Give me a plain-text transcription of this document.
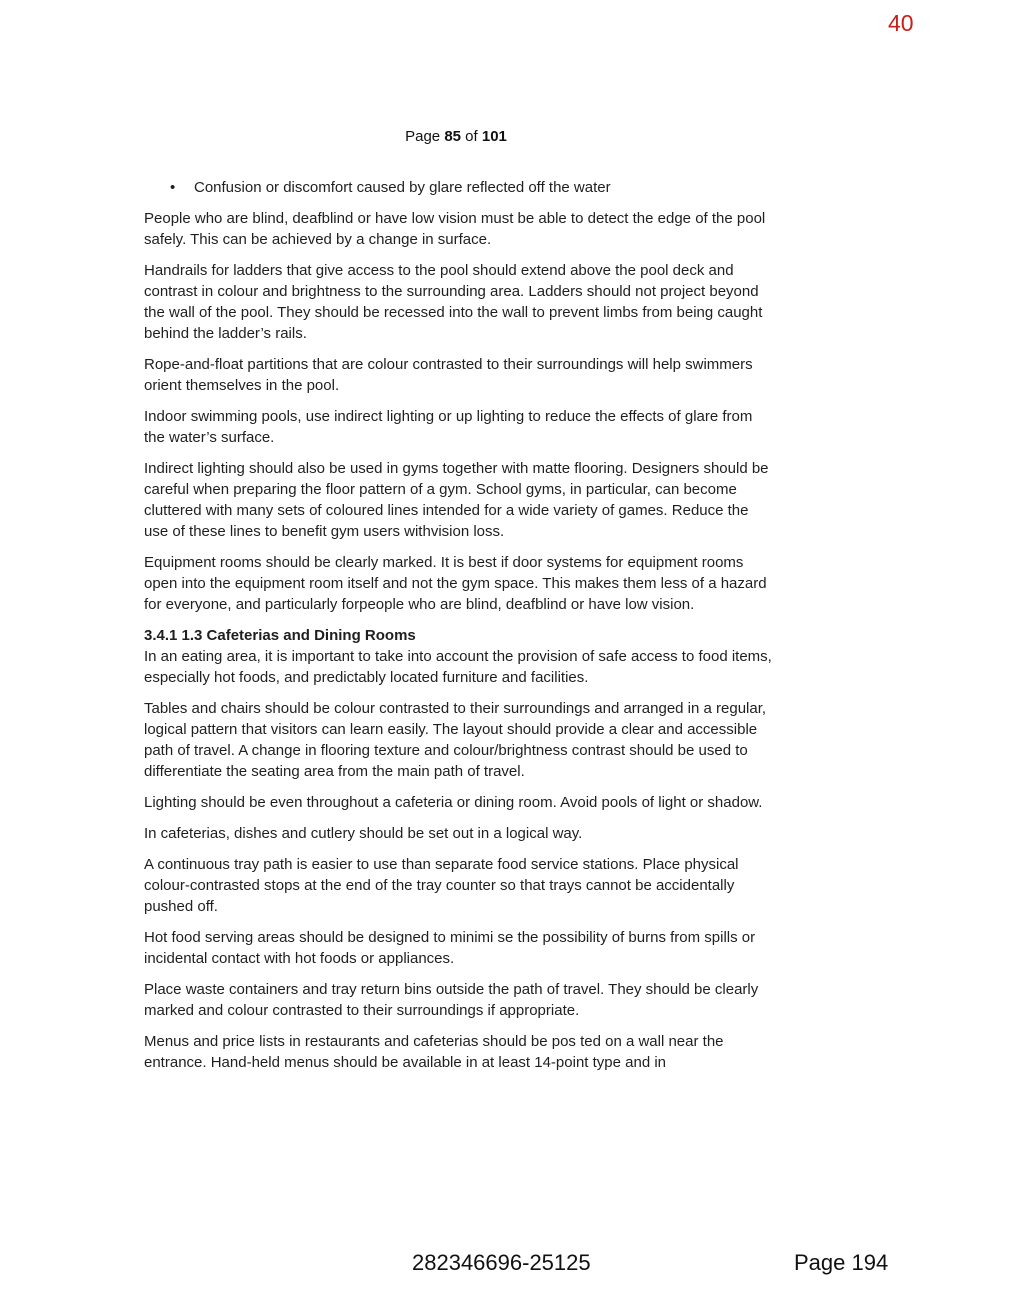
40
Page 85 of 101
• Confusion or discomfort caused by glare reflected off the water

People who are blind, deafblind or have low vision must be able to detect the edge of the pool safely. This can be achieved by a change in surface.

Handrails for ladders that give access to the pool should extend above the pool deck and contrast in colour and brightness to the surrounding area. Ladders should not project beyond the wall of the pool. They should be recessed into the wall to prevent limbs from being caught behind the ladder’s rails.

Rope-and-float partitions that are colour contrasted to their surroundings will help swimmers orient themselves in the pool.

Indoor swimming pools, use indirect lighting or up lighting to reduce the effects of glare from the water’s surface.

Indirect lighting should also be used in gyms together with matte flooring. Designers should be careful when preparing the floor pattern of a gym. School gyms, in particular, can become cluttered with many sets of coloured lines intended for a wide variety of games. Reduce the use of these lines to benefit gym users withvision loss.

Equipment rooms should be clearly marked. It is best if door systems for equipment rooms open into the equipment room itself and not the gym space. This makes them less of a hazard for everyone, and particularly forpeople who are blind, deafblind or have low vision.

3.4.1 1.3 Cafeterias and Dining Rooms

In an eating area, it is important to take into account the provision of safe access to food items, especially hot foods, and predictably located furniture and facilities.

Tables and chairs should be colour contrasted to their surroundings and arranged in a regular, logical pattern that visitors can learn easily. The layout should provide a clear and accessible path of travel. A change in flooring texture and colour/brightness contrast should be used to differentiate the seating area from the main path of travel.

Lighting should be even throughout a cafeteria or dining room. Avoid pools of light or shadow.

In cafeterias, dishes and cutlery should be set out in a logical way.

A continuous tray path is easier to use than separate food service stations. Place physical colour-contrasted stops at the end of the tray counter so that trays cannot be accidentally pushed off.

Hot food serving areas should be designed to minimi se the possibility of burns from spills or incidental contact with hot foods or appliances.

Place waste containers and tray return bins outside the path of travel. They should be clearly marked and colour contrasted to their surroundings if appropriate.

Menus and price lists in restaurants and cafeterias should be pos ted on a wall near the entrance. Hand-held menus should be available in at least 14-point type and in

282346696-25125	Page 194
